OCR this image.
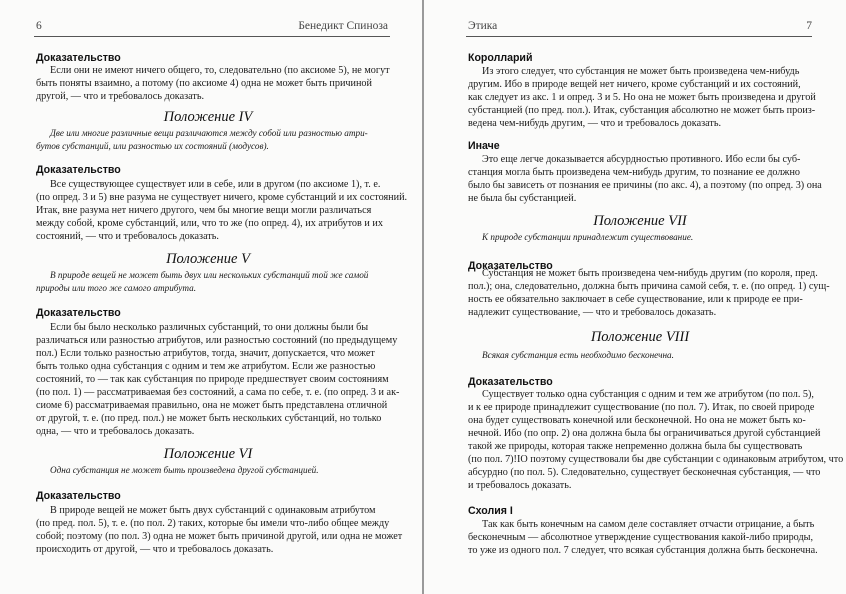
6	Бенедикт Спиноза
Доказательство
Если они не имеют ничего общего, то, следовательно (по аксиоме 5), не могут
быть поняты взаимно, а потому (по аксиоме 4) одна не может быть причиной
другой, — что и требовалось доказать.
Положение IV
Две или многие различные вещи различаются между собой или разностью атри-
бутов субстанций, или разностью их состояний (модусов).
Доказательство
Все существующее существует или в себе, или в другом (по аксиоме 1), т. е.
(по опред. 3 и 5) вне разума не существует ничего, кроме субстанций и их состояний.
Итак, вне разума нет ничего другого, чем бы многие вещи могли различаться
между собой, кроме субстанций, или, что то же (по опред. 4), их атрибутов и их
состояний, — что и требовалось доказать.
Положение V
В природе вещей не может быть двух или нескольких субстанций той же самой
природы или того же самого атрибута.
Доказательство
Если бы было несколько различных субстанций, то они должны были бы
различаться или разностью атрибутов, или разностью состояний (по предыдущему
пол.) Если только разностью атрибутов, тогда, значит, допускается, что может
быть только одна субстанция с одним и тем же атрибутом. Если же разностью
состояний, то — так как субстанция по природе предшествует своим состояниям
(по пол. 1) — рассматриваемая без состояний, а сама по себе, т. е. (по опред. 3 и ак-
сиоме 6) рассматриваемая правильно, она не может быть представлена отличной
от другой, т. е. (по пред. пол.) не может быть нескольких субстанций, но только
одна, — что и требовалось доказать.
Положение VI
Одна субстанция не может быть произведена другой субстанцией.
Доказательство
В природе вещей не может быть двух субстанций с одинаковым атрибутом
(по пред. пол. 5), т. е. (по пол. 2) таких, которые бы имели что-либо общее между
собой; поэтому (по пол. 3) одна не может быть причиной другой, или одна не может
происходить от другой, — что и требовалось доказать.
Этика	7
Королларий
Из этого следует, что субстанция не может быть произведена чем-нибудь
другим. Ибо в природе вещей нет ничего, кроме субстанций и их состояний,
как следует из акс. 1 и опред. 3 и 5. Но она не может быть произведена и другой
субстанцией (по пред. пол.). Итак, субстанция абсолютно не может быть произ-
ведена чем-нибудь другим, — что и требовалось доказать.
Иначе
Это еще легче доказывается абсурдностью противного. Ибо если бы суб-
станция могла быть произведена чем-нибудь другим, то познание ее должно
было бы зависеть от познания ее причины (по акс. 4), а поэтому (по опред. 3) она
не была бы субстанцией.
Положение VII
К природе субстанции принадлежит существование.
Доказательство
Субстанция не может быть произведена чем-нибудь другим (по короля, пред.
пол.); она, следовательно, должна быть причина самой себя, т. е. (по опред. 1) сущ-
ность ее обязательно заключает в себе существование, или к природе ее при-
надлежит существование, — что и требовалось доказать.
Положение VIII
Всякая субстанция есть необходимо бесконечна.
Доказательство
Существует только одна субстанция с одним и тем же атрибутом (по пол. 5),
и к ее природе принадлежит существование (по пол. 7). Итак, по своей природе
она будет существовать конечной или бесконечной. Но она не может быть ко-
нечной. Ибо (по опр. 2) она должна была бы ограничиваться другой субстанцией
такой же природы, которая также непременно должна была бы существовать
(по пол. 7)!IO поэтому существовали бы две субстанции с одинаковым атрибутом, что
абсурдно (по пол. 5). Следовательно, существует бесконечная субстанция, — что
и требовалось доказать.
Схолия I
Так как быть конечным на самом деле составляет отчасти отрицание, а быть
бесконечным — абсолютное утверждение существования какой-либо природы,
то уже из одного пол. 7 следует, что всякая субстанция должна быть бесконечна.
